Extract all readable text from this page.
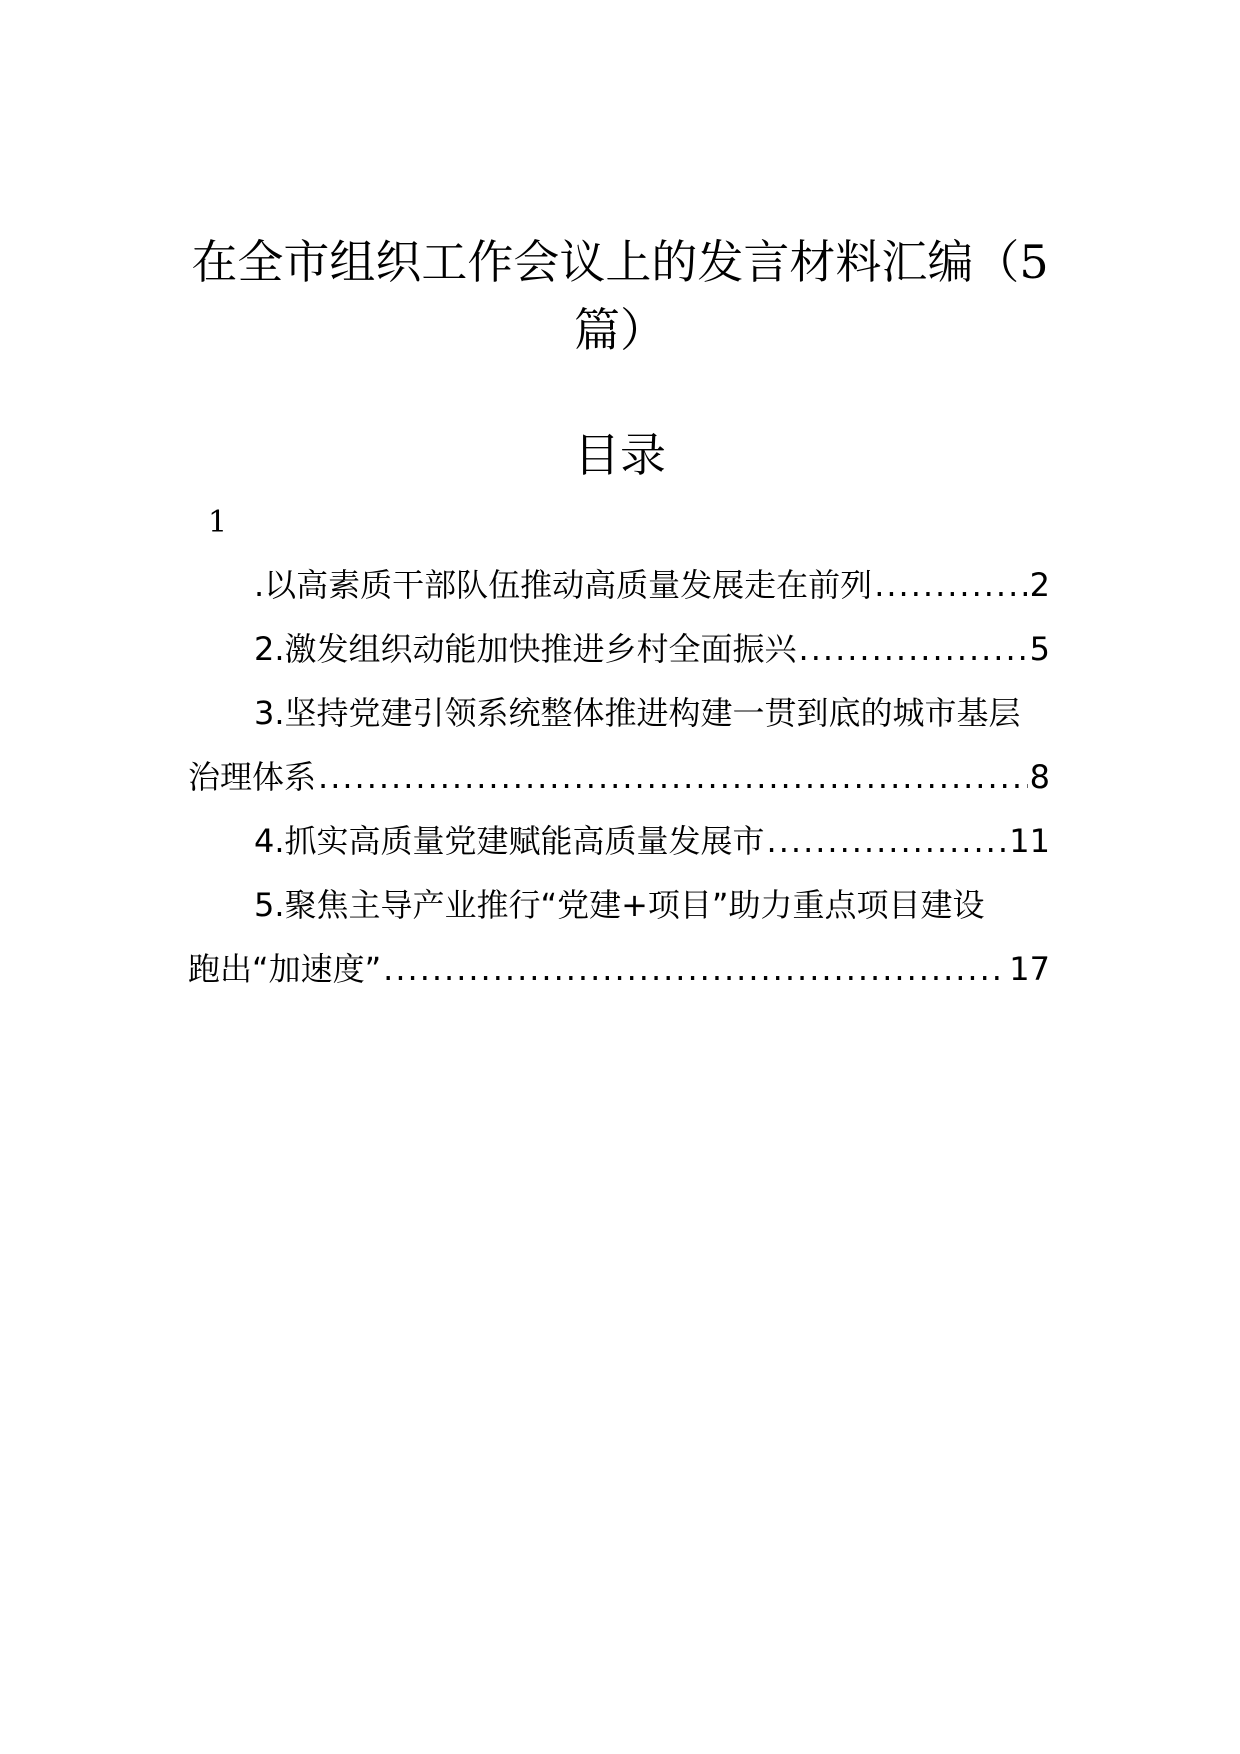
在全市组织工作会议上的发言材料汇编（5
篇）
目录
1
.以高素质干部队伍推动高质量发展走在前列 .....	2
2.激发组织动能加快推进乡村全面振兴 .....	5
3.坚持党建引领系统整体推进构建一贯到底的城市基层
治理体系 .....	8
4.抓实高质量党建赋能高质量发展市 .....	11
5.聚焦主导产业推行“党建+项目”助力重点项目建设
跑出“加速度” .....	17
